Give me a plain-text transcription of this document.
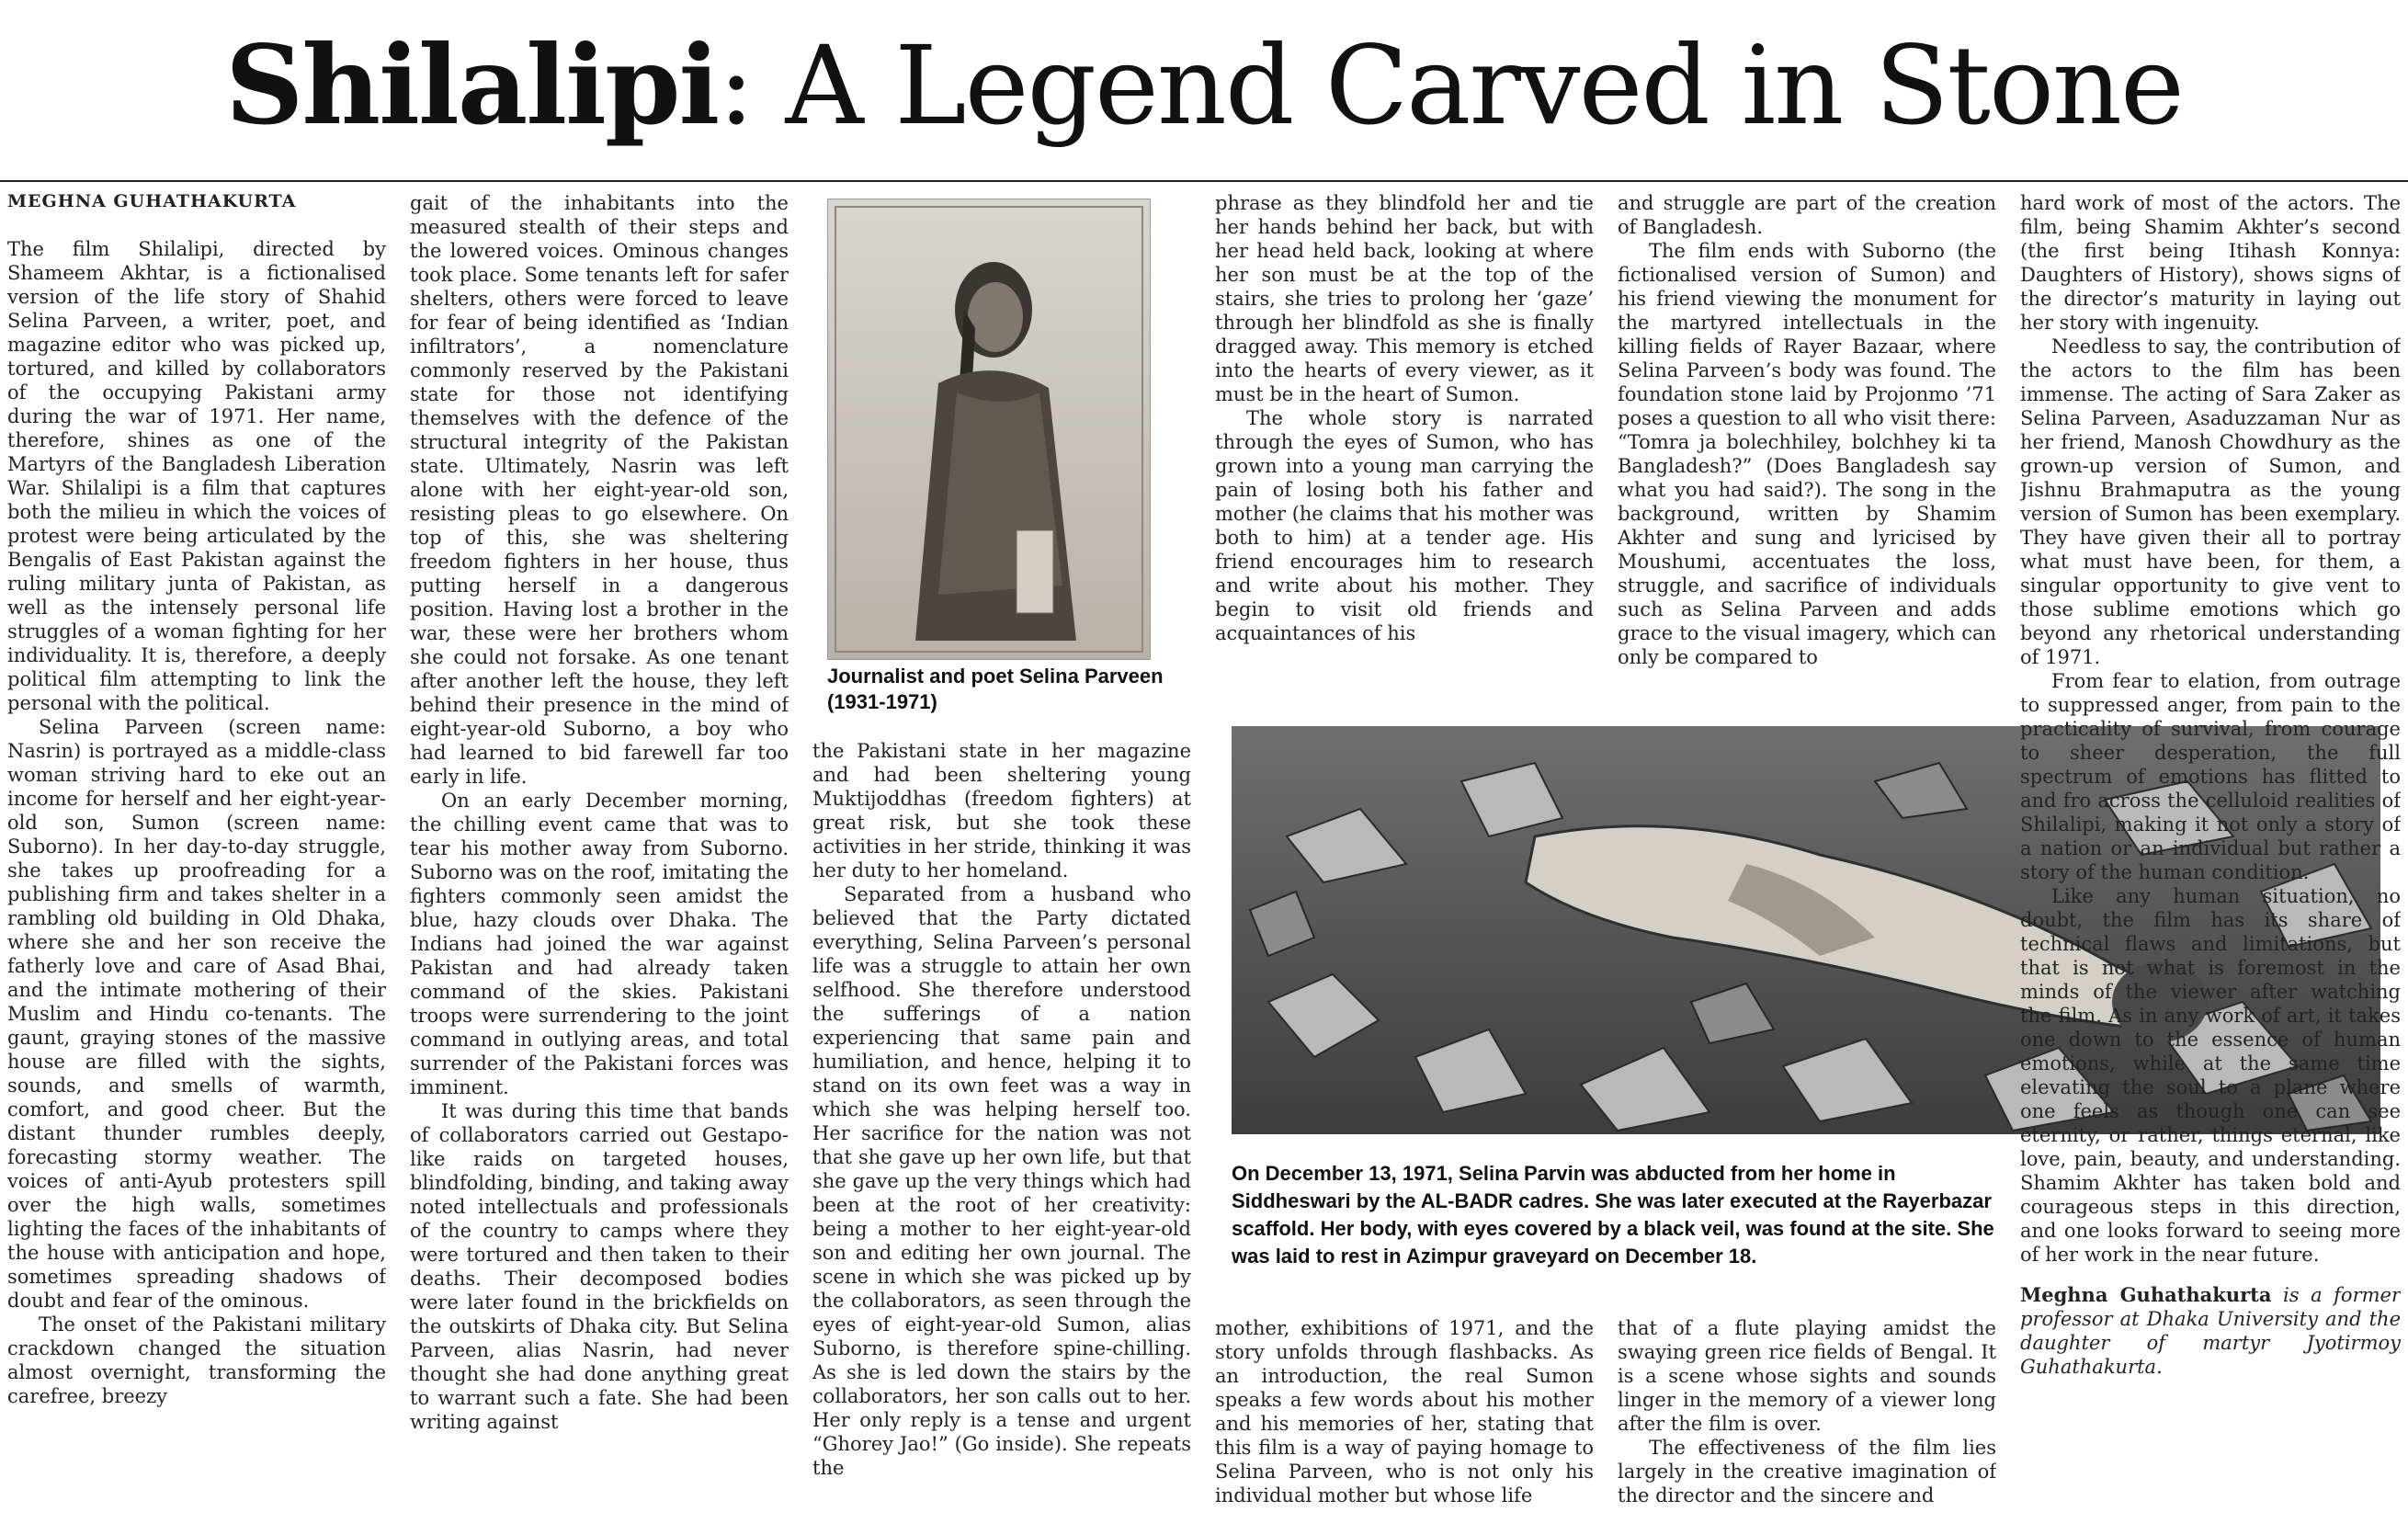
Shilalipi: A Legend Carved in Stone
MEGHNA GUHATHAKURTA

The film Shilalipi, directed by Shameem Akhtar, is a fictionalised version of the life story of Shahid Selina Parveen, a writer, poet, and magazine editor who was picked up, tortured, and killed by collaborators of the occupying Pakistani army during the war of 1971. Her name, therefore, shines as one of the Martyrs of the Bangladesh Liberation War. Shilalipi is a film that captures both the milieu in which the voices of protest were being articulated by the Bengalis of East Pakistan against the ruling military junta of Pakistan, as well as the intensely personal life struggles of a woman fighting for her individuality. It is, therefore, a deeply political film attempting to link the personal with the political.

Selina Parveen (screen name: Nasrin) is portrayed as a middle-class woman striving hard to eke out an income for herself and her eight-year-old son, Sumon (screen name: Suborno). In her day-to-day struggle, she takes up proofreading for a publishing firm and takes shelter in a rambling old building in Old Dhaka, where she and her son receive the fatherly love and care of Asad Bhai, and the intimate mothering of their Muslim and Hindu co-tenants. The gaunt, graying stones of the massive house are filled with the sights, sounds, and smells of warmth, comfort, and good cheer. But the distant thunder rumbles deeply, forecasting stormy weather. The voices of anti-Ayub protesters spill over the high walls, sometimes lighting the faces of the inhabitants of the house with anticipation and hope, sometimes spreading shadows of doubt and fear of the ominous.

The onset of the Pakistani military crackdown changed the situation almost overnight, transforming the carefree, breezy

gait of the inhabitants into the measured stealth of their steps and the lowered voices. Ominous changes took place. Some tenants left for safer shelters, others were forced to leave for fear of being identified as ‘Indian infiltrators’, a nomenclature commonly reserved by the Pakistani state for those not identifying themselves with the defence of the structural integrity of the Pakistan state. Ultimately, Nasrin was left alone with her eight-year-old son, resisting pleas to go elsewhere. On top of this, she was sheltering freedom fighters in her house, thus putting herself in a dangerous position. Having lost a brother in the war, these were her brothers whom she could not forsake. As one tenant after another left the house, they left behind their presence in the mind of eight-year-old Suborno, a boy who had learned to bid farewell far too early in life.

On an early December morning, the chilling event came that was to tear his mother away from Suborno. Suborno was on the roof, imitating the fighters commonly seen amidst the blue, hazy clouds over Dhaka. The Indians had joined the war against Pakistan and had already taken command of the skies. Pakistani troops were surrendering to the joint command in outlying areas, and total surrender of the Pakistani forces was imminent.

It was during this time that bands of collaborators carried out Gestapo-like raids on targeted houses, blindfolding, binding, and taking away noted intellectuals and professionals of the country to camps where they were tortured and then taken to their deaths. Their decomposed bodies were later found in the brickfields on the outskirts of Dhaka city. But Selina Parveen, alias Nasrin, had never thought she had done anything great to warrant such a fate. She had been writing against

Journalist and poet Selina Parveen (1931-1971)

the Pakistani state in her magazine and had been sheltering young Muktijoddhas (freedom fighters) at great risk, but she took these activities in her stride, thinking it was her duty to her homeland.

Separated from a husband who believed that the Party dictated everything, Selina Parveen’s personal life was a struggle to attain her own selfhood. She therefore understood the sufferings of a nation experiencing that same pain and humiliation, and hence, helping it to stand on its own feet was a way in which she was helping herself too. Her sacrifice for the nation was not that she gave up her own life, but that she gave up the very things which had been at the root of her creativity: being a mother to her eight-year-old son and editing her own journal. The scene in which she was picked up by the collaborators, as seen through the eyes of eight-year-old Sumon, alias Suborno, is therefore spine-chilling. As she is led down the stairs by the collaborators, her son calls out to her. Her only reply is a tense and urgent “Ghorey Jao!” (Go inside). She repeats the

phrase as they blindfold her and tie her hands behind her back, but with her head held back, looking at where her son must be at the top of the stairs, she tries to prolong her ‘gaze’ through her blindfold as she is finally dragged away. This memory is etched into the hearts of every viewer, as it must be in the heart of Sumon.

The whole story is narrated through the eyes of Sumon, who has grown into a young man carrying the pain of losing both his father and mother (he claims that his mother was both to him) at a tender age. His friend encourages him to research and write about his mother. They begin to visit old friends and acquaintances of his

and struggle are part of the creation of Bangladesh.

The film ends with Suborno (the fictionalised version of Sumon) and his friend viewing the monument for the martyred intellectuals in the killing fields of Rayer Bazaar, where Selina Parveen’s body was found. The foundation stone laid by Projonmo ’71 poses a question to all who visit there: “Tomra ja bolechhiley, bolchhey ki ta Bangladesh?” (Does Bangladesh say what you had said?). The song in the background, written by Shamim Akhter and sung and lyricised by Moushumi, accentuates the loss, struggle, and sacrifice of individuals such as Selina Parveen and adds grace to the visual imagery, which can only be compared to

On December 13, 1971, Selina Parvin was abducted from her home in Siddheswari by the AL-BADR cadres. She was later executed at the Rayerbazar scaffold. Her body, with eyes covered by a black veil, was found at the site. She was laid to rest in Azimpur graveyard on December 18.

mother, exhibitions of 1971, and the story unfolds through flashbacks. As an introduction, the real Sumon speaks a few words about his mother and his memories of her, stating that this film is a way of paying homage to Selina Parveen, who is not only his individual mother but whose life

that of a flute playing amidst the swaying green rice fields of Bengal. It is a scene whose sights and sounds linger in the memory of a viewer long after the film is over.

The effectiveness of the film lies largely in the creative imagination of the director and the sincere and

hard work of most of the actors. The film, being Shamim Akhter’s second (the first being Itihash Konnya: Daughters of History), shows signs of the director’s maturity in laying out her story with ingenuity.

Needless to say, the contribution of the actors to the film has been immense. The acting of Sara Zaker as Selina Parveen, Asaduzzaman Nur as her friend, Manosh Chowdhury as the grown-up version of Sumon, and Jishnu Brahmaputra as the young version of Sumon has been exemplary. They have given their all to portray what must have been, for them, a singular opportunity to give vent to those sublime emotions which go beyond any rhetorical understanding of 1971.

From fear to elation, from outrage to suppressed anger, from pain to the practicality of survival, from courage to sheer desperation, the full spectrum of emotions has flitted to and fro across the celluloid realities of Shilalipi, making it not only a story of a nation or an individual but rather a story of the human condition.

Like any human situation, no doubt, the film has its share of technical flaws and limitations, but that is not what is foremost in the minds of the viewer after watching the film. As in any work of art, it takes one down to the essence of human emotions, while at the same time elevating the soul to a plane where one feels as though one can see eternity, or rather, things eternal, like love, pain, beauty, and understanding. Shamim Akhter has taken bold and courageous steps in this direction, and one looks forward to seeing more of her work in the near future.

Meghna Guhathakurta is a former professor at Dhaka University and the daughter of martyr Jyotirmoy Guhathakurta.
